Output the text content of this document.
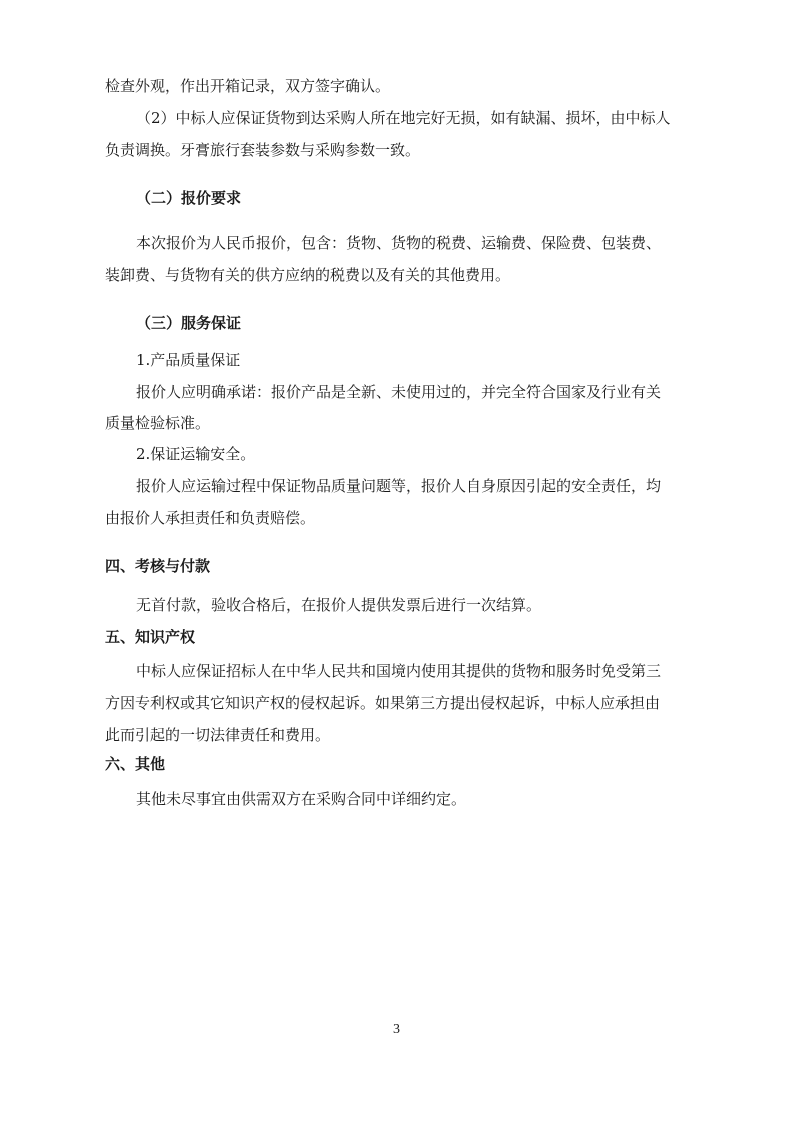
检查外观，作出开箱记录，双方签字确认。
（2）中标人应保证货物到达采购人所在地完好无损，如有缺漏、损坏，由中标人
负责调换。牙膏旅行套装参数与采购参数一致。
（二）报价要求
本次报价为人民币报价，包含：货物、货物的税费、运输费、保险费、包装费、
装卸费、与货物有关的供方应纳的税费以及有关的其他费用。
（三）服务保证
1.产品质量保证
报价人应明确承诺：报价产品是全新、未使用过的，并完全符合国家及行业有关
质量检验标准。
2.保证运输安全。
报价人应运输过程中保证物品质量问题等，报价人自身原因引起的安全责任，均
由报价人承担责任和负责赔偿。
四、考核与付款
无首付款，验收合格后，在报价人提供发票后进行一次结算。
五、知识产权
中标人应保证招标人在中华人民共和国境内使用其提供的货物和服务时免受第三
方因专利权或其它知识产权的侵权起诉。如果第三方提出侵权起诉，中标人应承担由
此而引起的一切法律责任和费用。
六、其他
其他未尽事宜由供需双方在采购合同中详细约定。
3
